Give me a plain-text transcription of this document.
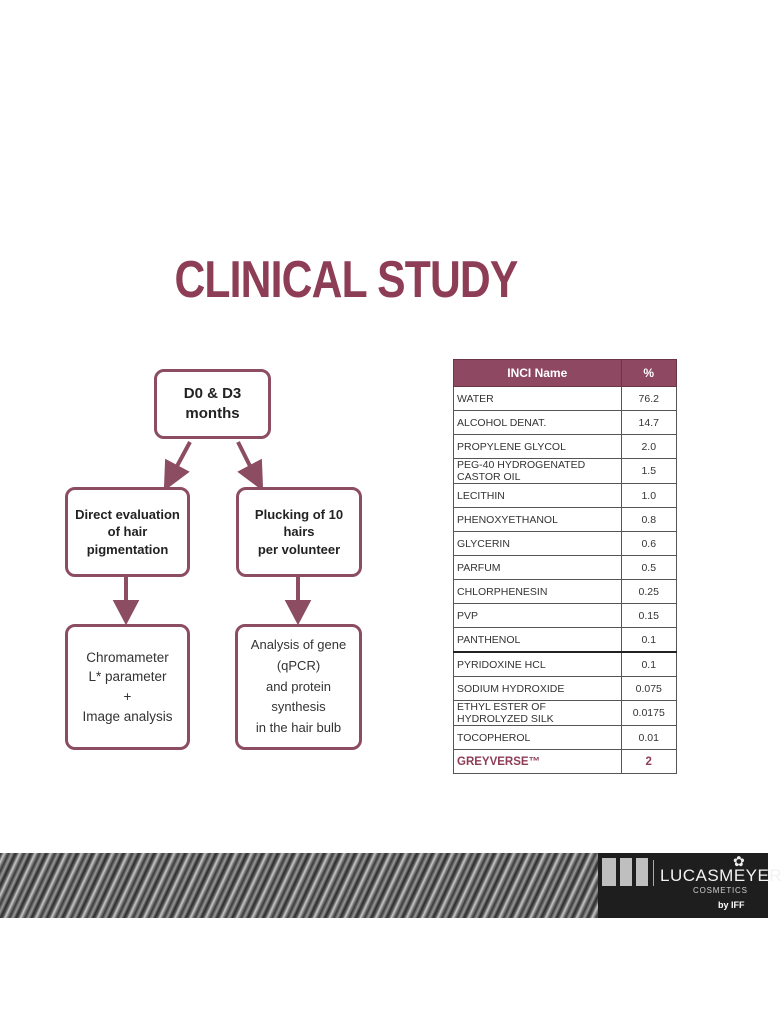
CLINICAL STUDY
D0 & D3 months
Direct evaluation of hair
pigmentation
Plucking of 10 hairs
per volunteer
Chromameter
L* parameter
+
Image analysis
Analysis of gene (qPCR)
and protein synthesis
in the hair bulb
INCI Name	%
WATER	76.2
ALCOHOL DENAT.	14.7
PROPYLENE GLYCOL	2.0
PEG-40 HYDROGENATED CASTOR OIL	1.5
LECITHIN	1.0
PHENOXYETHANOL	0.8
GLYCERIN	0.6
PARFUM	0.5
CHLORPHENESIN	0.25
PVP	0.15
PANTHENOL	0.1
PYRIDOXINE HCL	0.1
SODIUM HYDROXIDE	0.075
ETHYL ESTER OF HYDROLYZED SILK	0.0175
TOCOPHEROL	0.01
GREYVERSE™	2
✿
LUCASMEYER
COSMETICS
by IFF
